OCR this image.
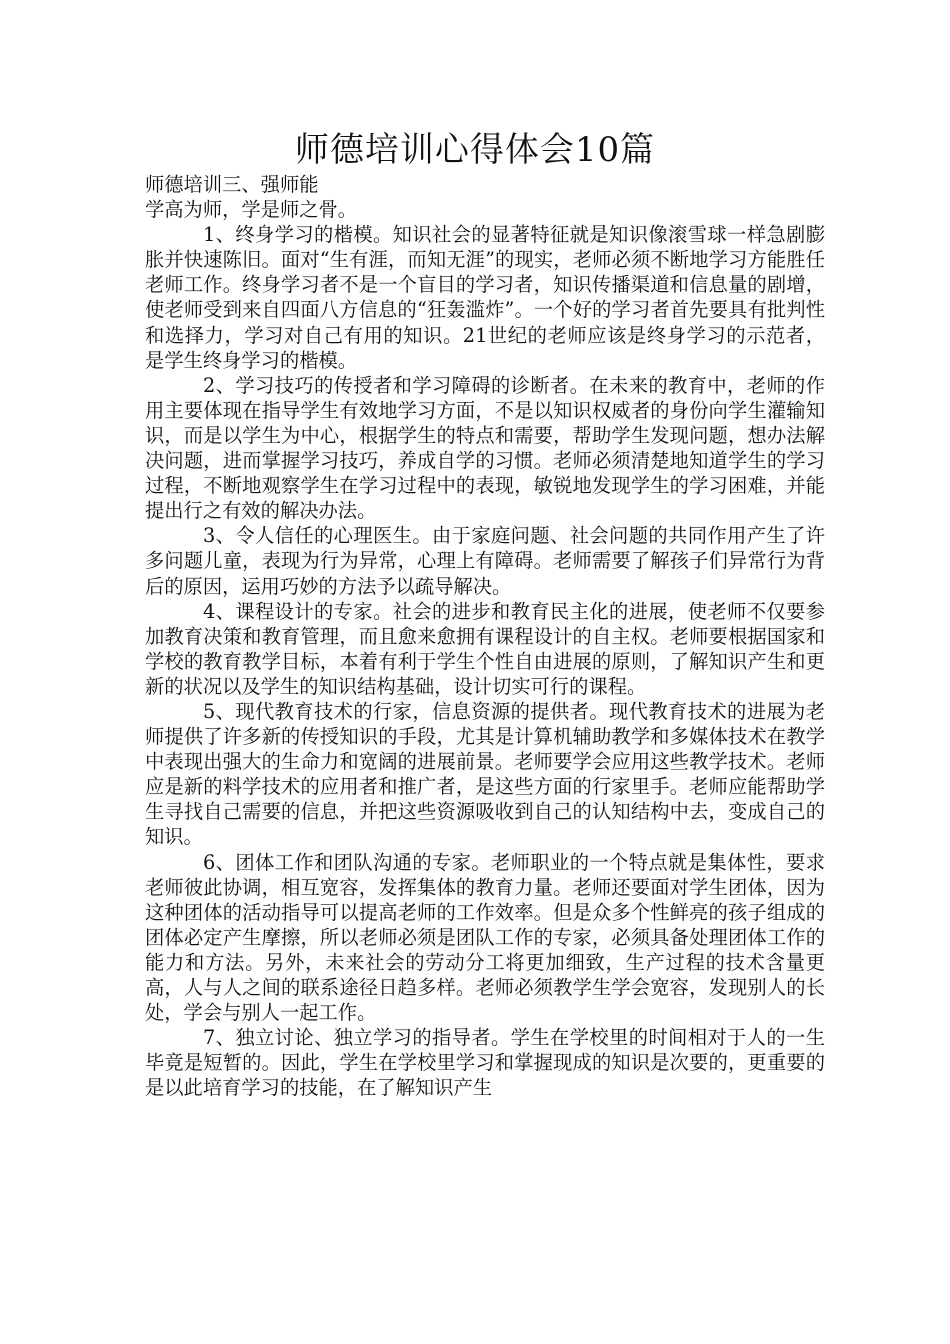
师德培训心得体会10篇

师德培训三、强师能

学高为师，学是师之骨。

1、终身学习的楷模。知识社会的显著特征就是知识像滚雪球一样急剧膨胀并快速陈旧。面对“生有涯，而知无涯”的现实，老师必须不断地学习方能胜任老师工作。终身学习者不是一个盲目的学习者，知识传播渠道和信息量的剧增，使老师受到来自四面八方信息的“狂轰滥炸”。一个好的学习者首先要具有批判性和选择力，学习对自己有用的知识。21世纪的老师应该是终身学习的示范者，是学生终身学习的楷模。

2、学习技巧的传授者和学习障碍的诊断者。在未来的教育中，老师的作用主要体现在指导学生有效地学习方面，不是以知识权威者的身份向学生灌输知识，而是以学生为中心，根据学生的特点和需要，帮助学生发现问题，想办法解决问题，进而掌握学习技巧，养成自学的习惯。老师必须清楚地知道学生的学习过程，不断地观察学生在学习过程中的表现，敏锐地发现学生的学习困难，并能提出行之有效的解决办法。

3、令人信任的心理医生。由于家庭问题、社会问题的共同作用产生了许多问题儿童，表现为行为异常，心理上有障碍。老师需要了解孩子们异常行为背后的原因，运用巧妙的方法予以疏导解决。

4、课程设计的专家。社会的进步和教育民主化的进展，使老师不仅要参加教育决策和教育管理，而且愈来愈拥有课程设计的自主权。老师要根据国家和学校的教育教学目标，本着有利于学生个性自由进展的原则，了解知识产生和更新的状况以及学生的知识结构基础，设计切实可行的课程。

5、现代教育技术的行家，信息资源的提供者。现代教育技术的进展为老师提供了许多新的传授知识的手段，尤其是计算机辅助教学和多媒体技术在教学中表现出强大的生命力和宽阔的进展前景。老师要学会应用这些教学技术。老师应是新的料学技术的应用者和推广者，是这些方面的行家里手。老师应能帮助学生寻找自己需要的信息，并把这些资源吸收到自己的认知结构中去，变成自己的知识。

6、团体工作和团队沟通的专家。老师职业的一个特点就是集体性，要求老师彼此协调，相互宽容，发挥集体的教育力量。老师还要面对学生团体，因为这种团体的活动指导可以提高老师的工作效率。但是众多个性鲜亮的孩子组成的团体必定产生摩擦，所以老师必须是团队工作的专家，必须具备处理团体工作的能力和方法。另外，未来社会的劳动分工将更加细致，生产过程的技术含量更高，人与人之间的联系途径日趋多样。老师必须教学生学会宽容，发现别人的长处，学会与别人一起工作。

7、独立讨论、独立学习的指导者。学生在学校里的时间相对于人的一生毕竟是短暂的。因此，学生在学校里学习和掌握现成的知识是次要的，更重要的是以此培育学习的技能，在了解知识产生
